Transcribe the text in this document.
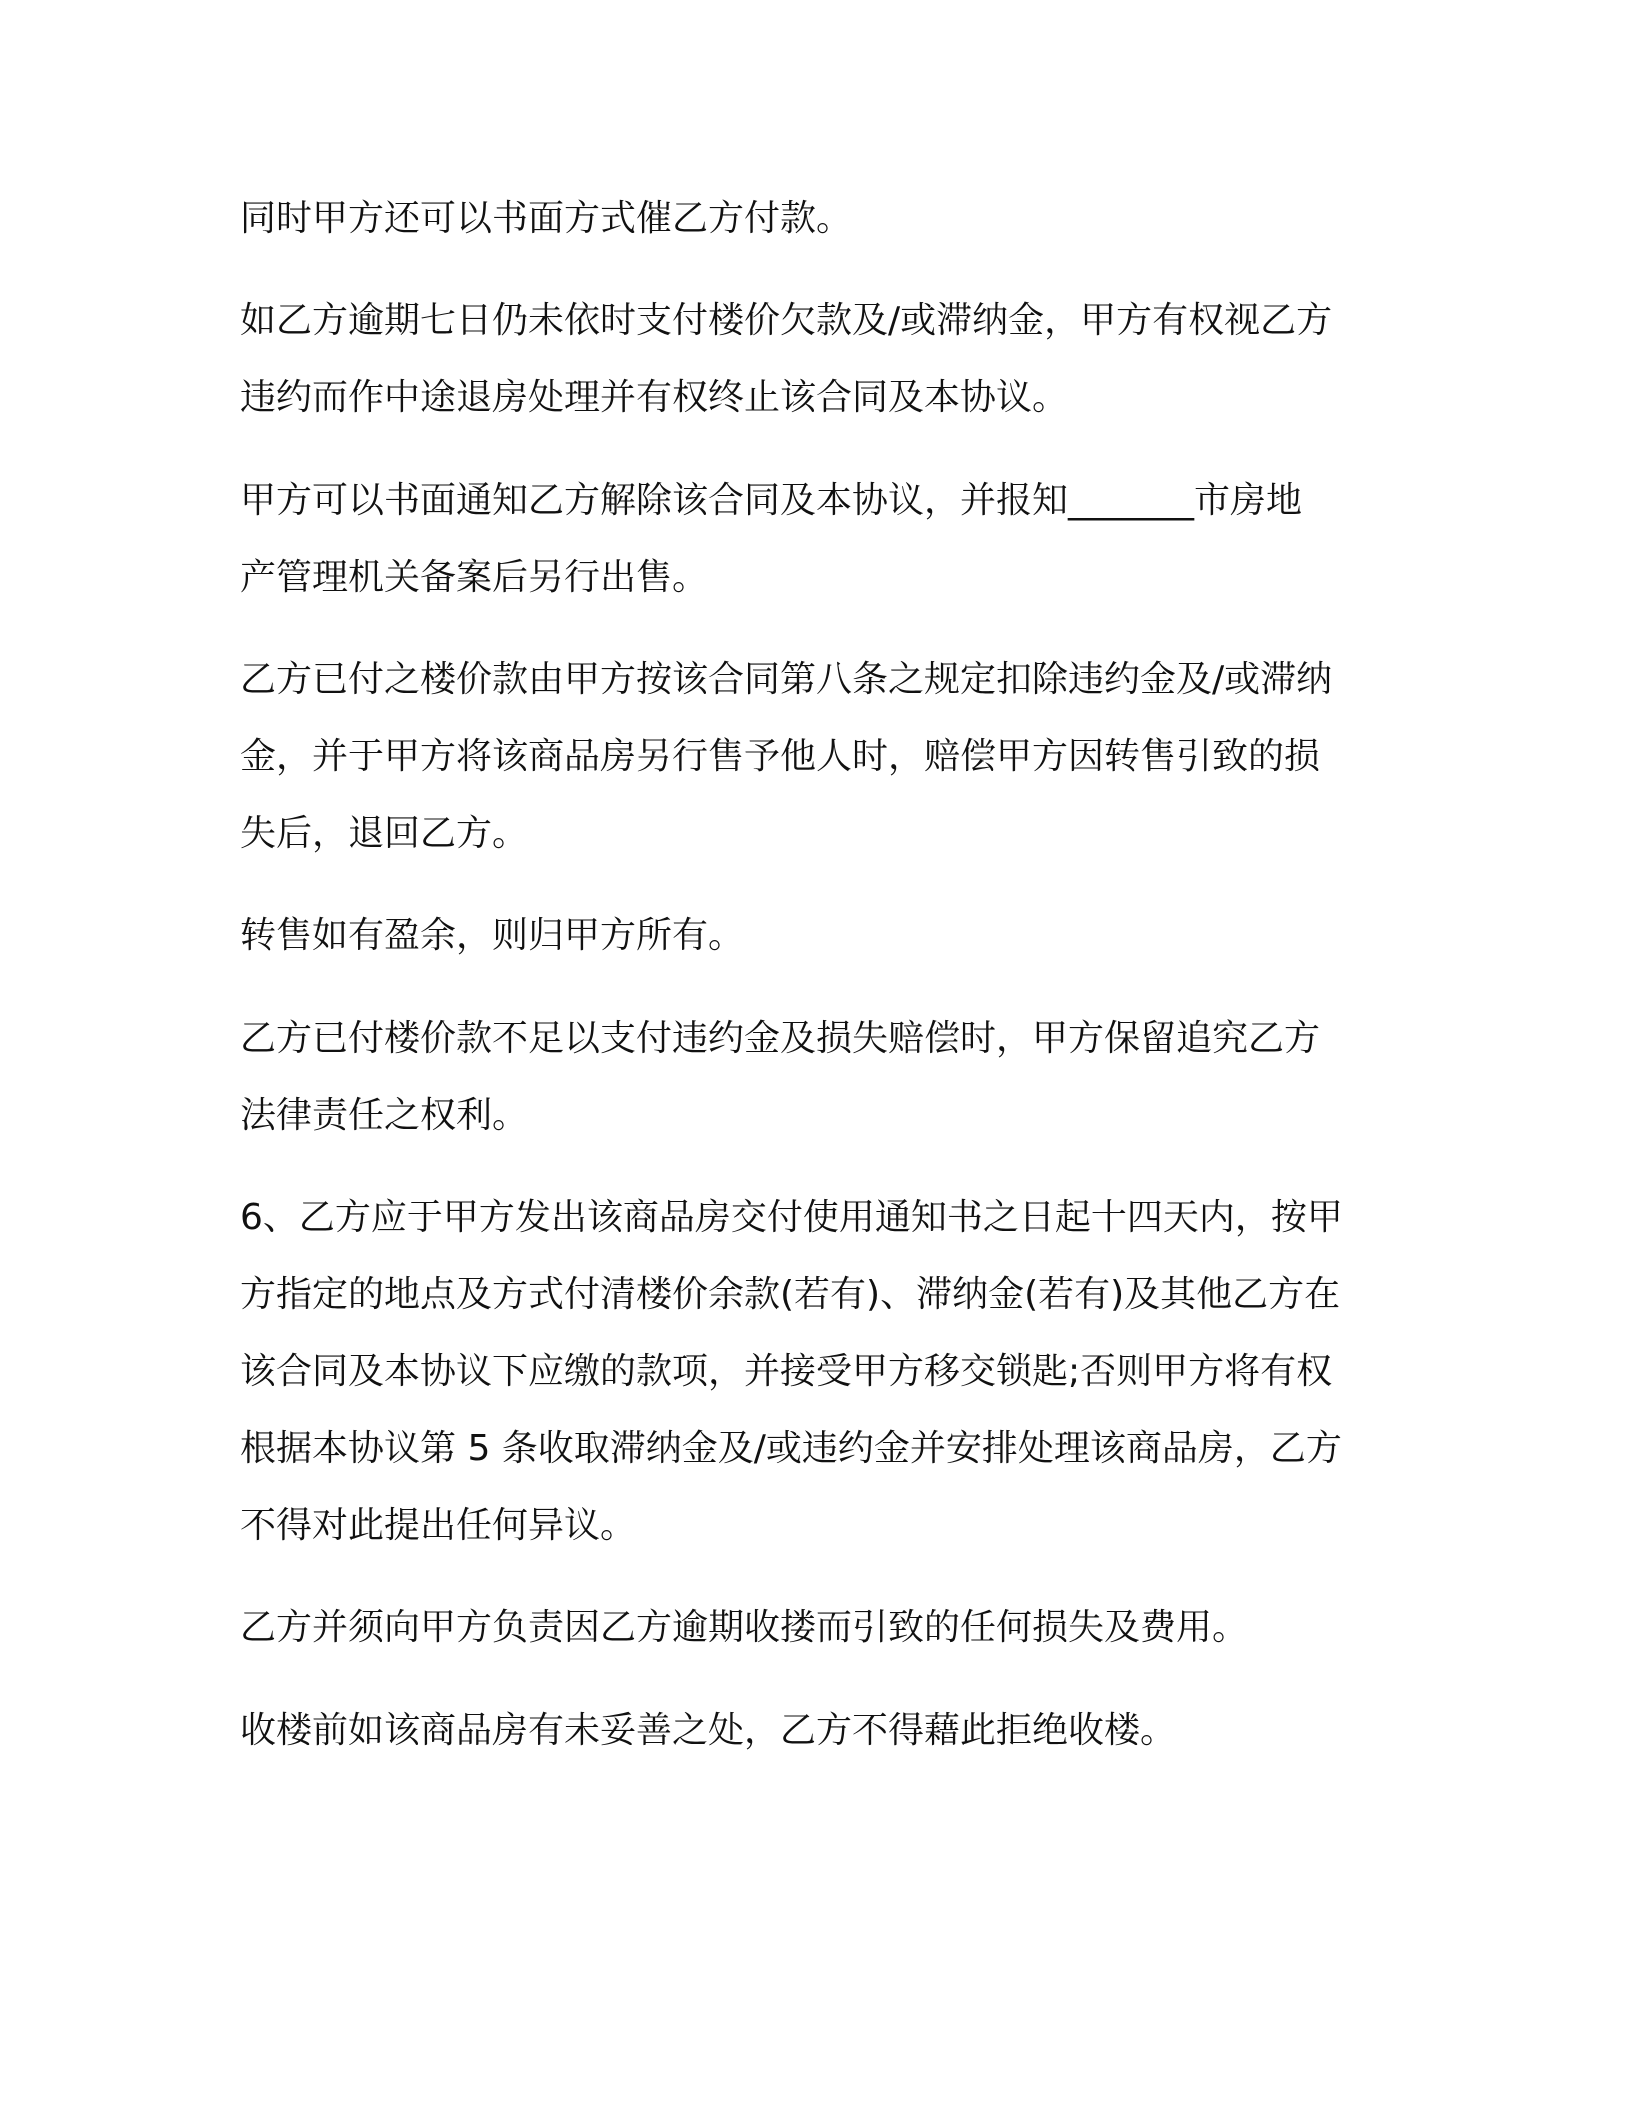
同时甲方还可以书面方式催乙方付款。
如乙方逾期七日仍未依时支付楼价欠款及/或滞纳金，甲方有权视乙方
违约而作中途退房处理并有权终止该合同及本协议。
甲方可以书面通知乙方解除该合同及本协议，并报知_______市房地
产管理机关备案后另行出售。
乙方已付之楼价款由甲方按该合同第八条之规定扣除违约金及/或滞纳
金，并于甲方将该商品房另行售予他人时，赔偿甲方因转售引致的损
失后，退回乙方。
转售如有盈余，则归甲方所有。
乙方已付楼价款不足以支付违约金及损失赔偿时，甲方保留追究乙方
法律责任之权利。
6、乙方应于甲方发出该商品房交付使用通知书之日起十四天内，按甲
方指定的地点及方式付清楼价余款(若有)、滞纳金(若有)及其他乙方在
该合同及本协议下应缴的款项，并接受甲方移交锁匙;否则甲方将有权
根据本协议第 5 条收取滞纳金及/或违约金并安排处理该商品房，乙方
不得对此提出任何异议。
乙方并须向甲方负责因乙方逾期收搂而引致的任何损失及费用。
收楼前如该商品房有未妥善之处，乙方不得藉此拒绝收楼。
